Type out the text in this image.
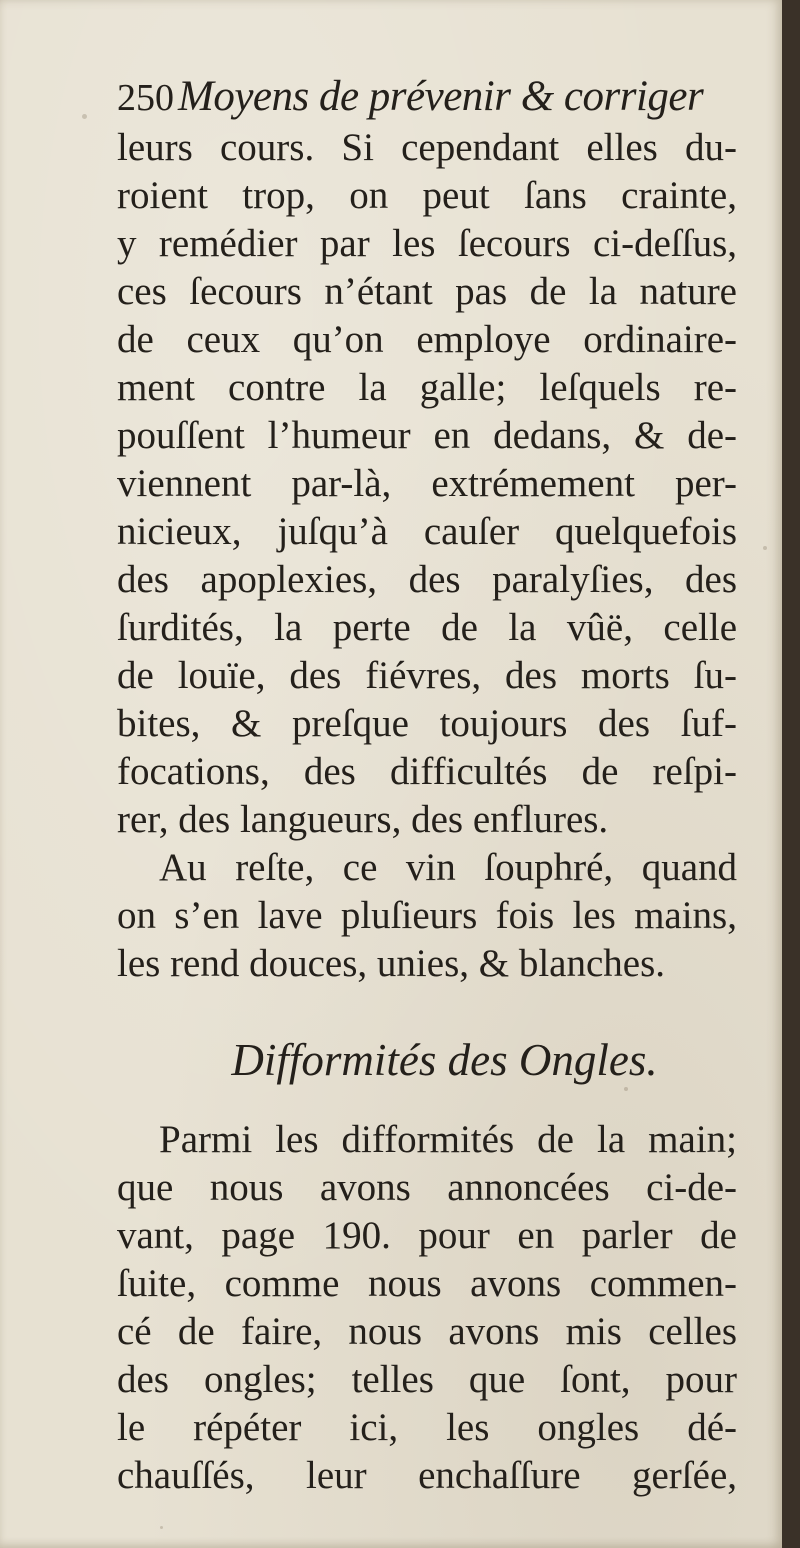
250 Moyens de prévenir & corriger
leurs cours. Si cependant elles du-
roient trop, on peut ſans crainte,
y remédier par les ſecours ci-deſſus,
ces ſecours n’étant pas de la nature
de ceux qu’on employe ordinaire-
ment contre la galle; leſquels re-
pouſſent l’humeur en dedans, & de-
viennent par-là, extrémement per-
nicieux, juſqu’à cauſer quelquefois
des apoplexies, des paralyſies, des
ſurdités, la perte de la vûë, celle
de louïe, des fiévres, des morts ſu-
bites, & preſque toujours des ſuf-
focations, des difficultés de reſpi-
rer, des langueurs, des enflures.
Au reſte, ce vin ſouphré, quand
on s’en lave pluſieurs fois les mains,
les rend douces, unies, & blanches.
Difformités des Ongles.
Parmi les difformités de la main;
que nous avons annoncées ci-de-
vant, page 190. pour en parler de
ſuite, comme nous avons commen-
cé de faire, nous avons mis celles
des ongles; telles que ſont, pour
le répéter ici, les ongles dé-
chauſſés, leur enchaſſure gerſée,
